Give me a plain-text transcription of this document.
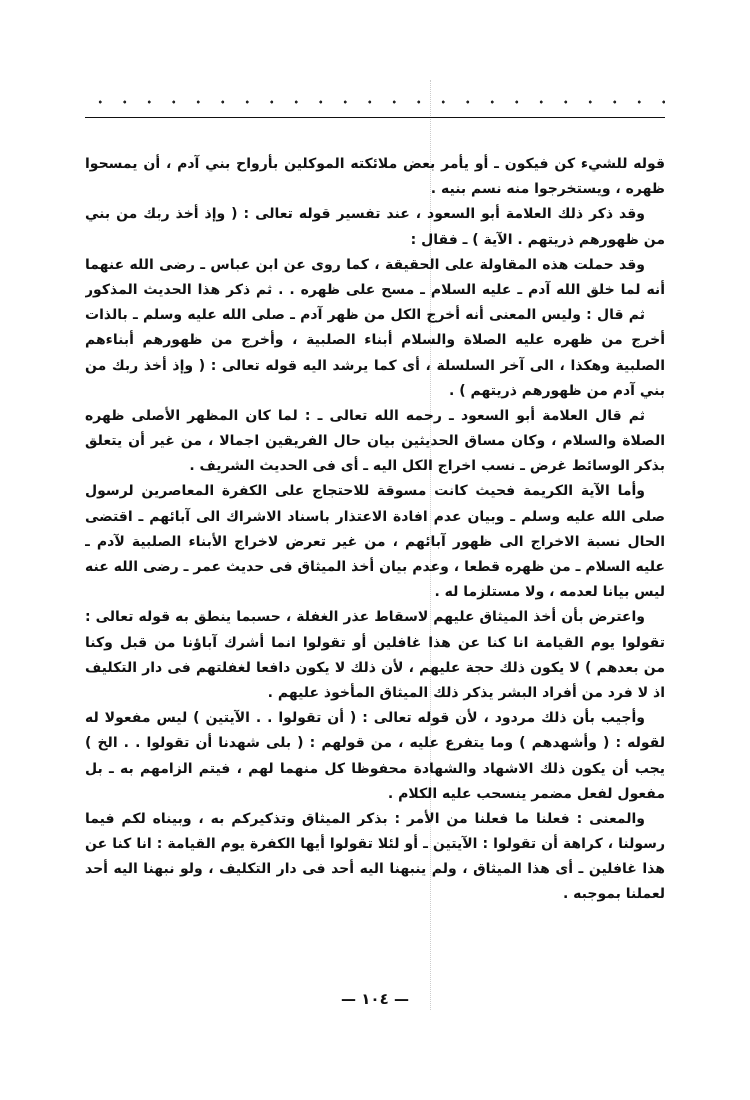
قوله للشيء كن فيكون ـ أو يأمر بعض ملائكته الموكلين بأرواح بني آدم ، أن يمسحوا
ظهره ، ويستخرجوا منه نسم بنيه .
وقد ذكر ذلك العلامة أبو السعود ، عند تفسير قوله تعالى : ( وإذ أخذ ربك من بني
من ظهورهم ذريتهم . الآية ) ـ فقال :
وقد حملت هذه المقاولة على الحقيقة ، كما روى عن ابن عباس ـ رضى الله عنهما
أنه لما خلق الله آدم ـ عليه السلام ـ مسح على ظهره . . ثم ذكر هذا الحديث المذكور
ثم قال : وليس المعنى أنه أخرج الكل من ظهر آدم ـ صلى الله عليه وسلم ـ بالذات
أخرج من ظهره عليه الصلاة والسلام أبناء الصلبية ، وأخرج من ظهورهم أبناءهم
الصلبية وهكذا ، الى آخر السلسلة ، أى كما يرشد اليه قوله تعالى : ( وإذ أخذ ربك من
بني آدم من ظهورهم ذريتهم ) .
ثم قال العلامة أبو السعود ـ رحمه الله تعالى ـ : لما كان المظهر الأصلى ظهره
الصلاة والسلام ، وكان مساق الحديثين بيان حال الفريقين اجمالا ، من غير أن يتعلق
بذكر الوسائط غرض ـ نسب اخراج الكل اليه ـ أى فى الحديث الشريف .
وأما الآية الكريمة فحيث كانت مسوقة للاحتجاج على الكفرة المعاصرين لرسول
صلى الله عليه وسلم ـ وبيان عدم افادة الاعتذار باسناد الاشراك الى آبائهم ـ اقتضى
الحال نسبة الاخراج الى ظهور آبائهم ، من غير تعرض لاخراج الأبناء الصلبية لآدم ـ
عليه السلام ـ من ظهره قطعا ، وعدم بيان أخذ الميثاق فى حديث عمر ـ رضى الله عنه
ليس بيانا لعدمه ، ولا مستلزما له .
واعترض بأن أخذ الميثاق عليهم لاسقاط عذر الغفلة ، حسبما ينطق به قوله تعالى :
تقولوا يوم القيامة انا كنا عن هذا غافلين أو تقولوا انما أشرك آباؤنا من قبل وكنا
من بعدهم ) لا يكون ذلك حجة عليهم ، لأن ذلك لا يكون دافعا لغفلتهم فى دار التكليف
اذ لا فرد من أفراد البشر يذكر ذلك الميثاق المأخوذ عليهم .
وأجيب بأن ذلك مردود ، لأن قوله تعالى : ( أن تقولوا . . الآيتين ) ليس مفعولا له
لقوله : ( وأشهدهم ) وما يتفرع عليه ، من قولهم : ( بلى شهدنا أن تقولوا . . الخ )
يجب أن يكون ذلك الاشهاد والشهادة محفوظا كل منهما لهم ، فيتم الزامهم به ـ بل
مفعول لفعل مضمر ينسحب عليه الكلام .
والمعنى : فعلنا ما فعلنا من الأمر : بذكر الميثاق وتذكيركم به ، وبيناه لكم فيما
رسولنا ، كراهة أن تقولوا : الآيتين ـ أو لئلا تقولوا أيها الكفرة يوم القيامة : انا كنا عن
هذا غافلين ـ أى هذا الميثاق ، ولم ينبهنا اليه أحد فى دار التكليف ، ولو نبهنا اليه أحد
لعملنا بموجبه .
— ١٠٤ —
